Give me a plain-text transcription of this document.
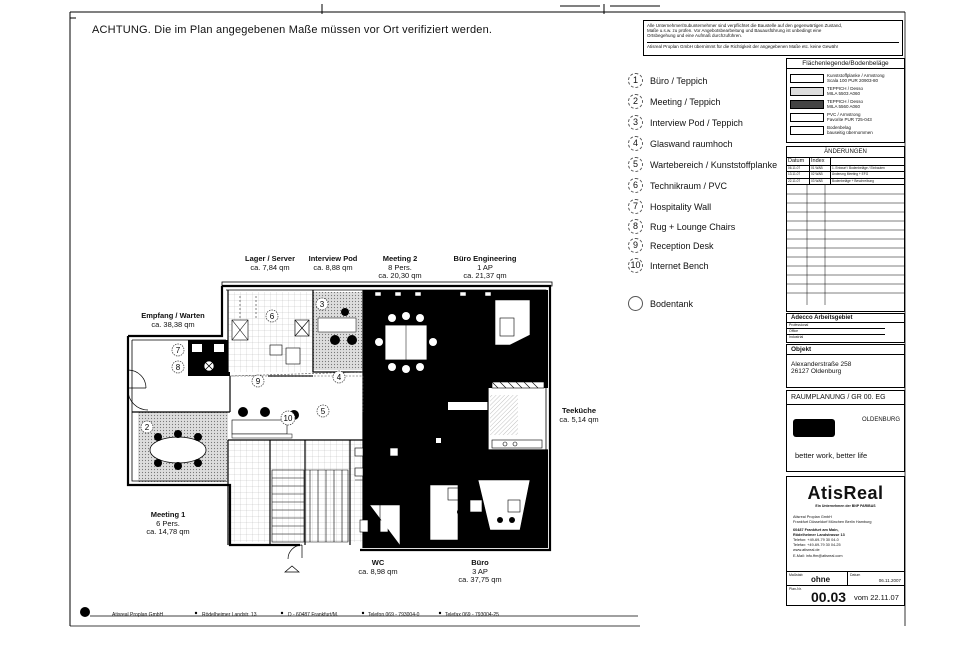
ACHTUNG. Die im Plan angegebenen Maße müssen vor Ort verifiziert werden.
2
3
4
5
6
7
8
9
10
Lager / Server
ca. 7,84 qm
Interview Pod
ca. 8,88 qm
Meeting 2
8 Pers.
ca. 20,30 qm
Büro Engineering
1 AP
ca. 21,37 qm
Empfang / Warten
ca. 38,38 qm
Teeküche
ca. 5,14 qm
Meeting 1
6 Pers.
ca. 14,78 qm
WC
ca. 8,98 qm
Büro
3 AP
ca. 37,75 qm
1	Büro / Teppich
2	Meeting / Teppich
3	Interview Pod / Teppich
4	Glaswand raumhoch
5	Wartebereich / Kunststoffplanke
6	Technikraum / PVC
7	Hospitality Wall
8	Rug + Lounge Chairs
9	Reception Desk
10 Internet Bench
Bodentank
Alle Unternehmer/Subunternehmer sind verpflichtet die Baustelle auf den gegenwärtigen Zustand,
Maße u.s.w. zu prüfen. Vor Angebotsbearbeitung und Bauausführung ist unbedingt eine
Ortsbegehung und eine Aufmaß durchzuführen.
Atisreal Proplan GmbH übernimmt für die Richtigkeit der angegebenen Maße etc. keine Gewähr
Flächenlegende/Bodenbeläge
Kunststoffplanke / Armstrong
Scala 100 PUR 20903-80
TEPPICH / Desso
MILA 5503 A060
TEPPICH / Desso
MILA 5560 A060
PVC / Armstrong
Favorite PUR 725-043
Bodenbelag
bauseitig übernommen
ÄNDERUNGEN
Datum	Index
06.11.07	01 WAB	1. Entwurf / Bodenbeläge / Einbauten
13.11.07	02 WAB	Änderung Meeting + EFG
22.11.07	03 WAB	Bodenbeläge + Beschreibung
Adecco Arbeitsgebiet
Professional
Office
Industrial
Objekt
Alexanderstraße 258
26127 Oldenburg
RAUMPLANUNG / GR 00. EG
OLDENBURG
better work, better life
AtisReal
Ein Unternehmen der BNP PARIBAS
Atisreal Proplan GmbH
Frankfurt Düsseldorf München Berlin Hamburg
60487 Frankfurt am Main,
Rödelheimer Landstrasse 13
Telefon: +49-69-79 30 04-0
Telefax: +49-69-79 30 04-25
www.atisreal.de
E-Mail: info.ffm@atisreal.com
Maßstab ohne	Datum
06.11.2007
Plan-Nr. 00.03 vom 22.11.07
Atisreal Proplan GmbH	Rödelheimer Landstr. 13	D - 60487 Frankfurt/M.	Telefon 069 - 793004-0	Telefax 069 - 793004-25
